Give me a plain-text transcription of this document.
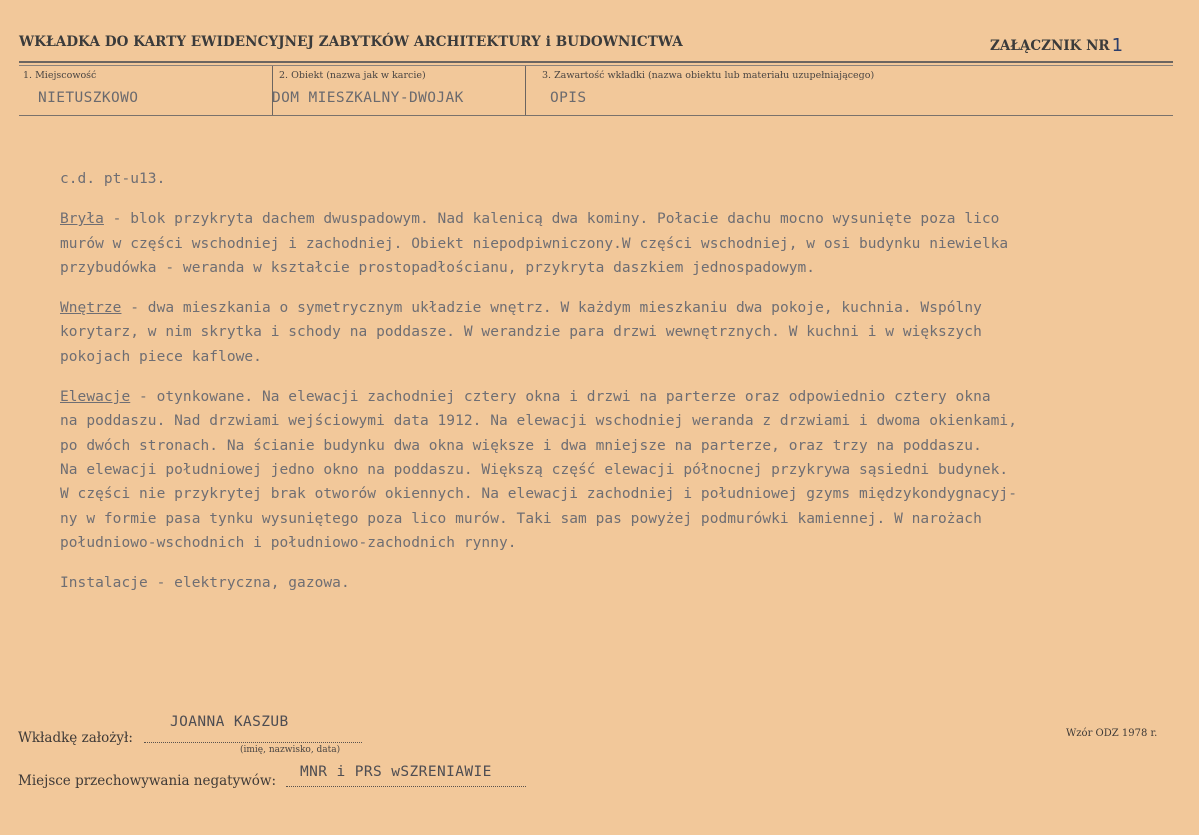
WKŁADKA DO KARTY EWIDENCYJNEJ ZABYTKÓW ARCHITEKTURY i BUDOWNICTWA	ZAŁĄCZNIK NR 1
1. Miejscowość
NIETUSZKOWO
2. Obiekt (nazwa jak w karcie)
DOM MIESZKALNY-DWOJAK
3. Zawartość wkładki (nazwa obiektu lub materiału uzupełniającego)
OPIS

c.d. pt-u13.

Bryła - blok przykryta dachem dwuspadowym. Nad kalenicą dwa kominy. Połacie dachu mocno wysunięte poza lico

murów w części wschodniej i zachodniej. Obiekt niepodpiwniczony.W części wschodniej, w osi budynku niewielka

przybudówka - weranda w kształcie prostopadłościanu, przykryta daszkiem jednospadowym.

Wnętrze - dwa mieszkania o symetrycznym układzie wnętrz. W każdym mieszkaniu dwa pokoje, kuchnia. Wspólny

korytarz, w nim skrytka i schody na poddasze. W werandzie para drzwi wewnętrznych. W kuchni i w większych

pokojach piece kaflowe.

Elewacje - otynkowane. Na elewacji zachodniej cztery okna i drzwi na parterze oraz odpowiednio cztery okna

na poddaszu. Nad drzwiami wejściowymi data 1912. Na elewacji wschodniej weranda z drzwiami i dwoma okienkami,

po dwóch stronach. Na ścianie budynku dwa okna większe i dwa mniejsze na parterze, oraz trzy na poddaszu.

Na elewacji południowej jedno okno na poddaszu. Większą część elewacji północnej przykrywa sąsiedni budynek.

W części nie przykrytej brak otworów okiennych. Na elewacji zachodniej i południowej gzyms międzykondygnacyj-

ny w formie pasa tynku wysuniętego poza lico murów. Taki sam pas powyżej podmurówki kamiennej. W narożach

południowo-wschodnich i południowo-zachodnich rynny.

Instalacje - elektryczna, gazowa.

JOANNA KASZUB
Wkładkę założył:
(imię, nazwisko, data)
MNR i PRS wSZRENIAWIE
Miejsce przechowywania negatywów:
Wzór ODZ 1978 r.
